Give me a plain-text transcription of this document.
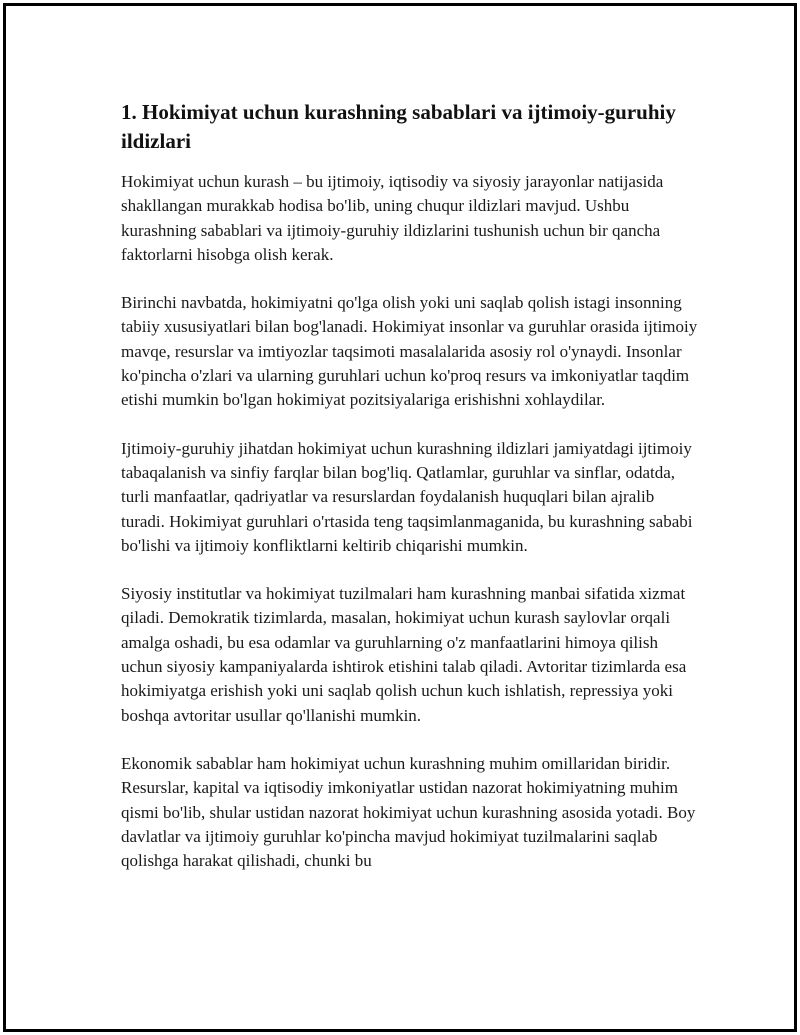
1. Hokimiyat uchun kurashning sabablari va ijtimoiy-guruhiy ildizlari

Hokimiyat uchun kurash – bu ijtimoiy, iqtisodiy va siyosiy jarayonlar natijasida shakllangan murakkab hodisa bo'lib, uning chuqur ildizlari mavjud. Ushbu kurashning sabablari va ijtimoiy-guruhiy ildizlarini tushunish uchun bir qancha faktorlarni hisobga olish kerak.

Birinchi navbatda, hokimiyatni qo'lga olish yoki uni saqlab qolish istagi insonning tabiiy xususiyatlari bilan bog'lanadi. Hokimiyat insonlar va guruhlar orasida ijtimoiy mavqe, resurslar va imtiyozlar taqsimoti masalalarida asosiy rol o'ynaydi. Insonlar ko'pincha o'zlari va ularning guruhlari uchun ko'proq resurs va imkoniyatlar taqdim etishi mumkin bo'lgan hokimiyat pozitsiyalariga erishishni xohlaydilar.

Ijtimoiy-guruhiy jihatdan hokimiyat uchun kurashning ildizlari jamiyatdagi ijtimoiy tabaqalanish va sinfiy farqlar bilan bog'liq. Qatlamlar, guruhlar va sinflar, odatda, turli manfaatlar, qadriyatlar va resurslardan foydalanish huquqlari bilan ajralib turadi. Hokimiyat guruhlari o'rtasida teng taqsimlanmaganida, bu kurashning sababi bo'lishi va ijtimoiy konfliktlarni keltirib chiqarishi mumkin.

Siyosiy institutlar va hokimiyat tuzilmalari ham kurashning manbai sifatida xizmat qiladi. Demokratik tizimlarda, masalan, hokimiyat uchun kurash saylovlar orqali amalga oshadi, bu esa odamlar va guruhlarning o'z manfaatlarini himoya qilish uchun siyosiy kampaniyalarda ishtirok etishini talab qiladi. Avtoritar tizimlarda esa hokimiyatga erishish yoki uni saqlab qolish uchun kuch ishlatish, repressiya yoki boshqa avtoritar usullar qo'llanishi mumkin.

Ekonomik sabablar ham hokimiyat uchun kurashning muhim omillaridan biridir. Resurslar, kapital va iqtisodiy imkoniyatlar ustidan nazorat hokimiyatning muhim qismi bo'lib, shular ustidan nazorat hokimiyat uchun kurashning asosida yotadi. Boy davlatlar va ijtimoiy guruhlar ko'pincha mavjud hokimiyat tuzilmalarini saqlab qolishga harakat qilishadi, chunki bu
